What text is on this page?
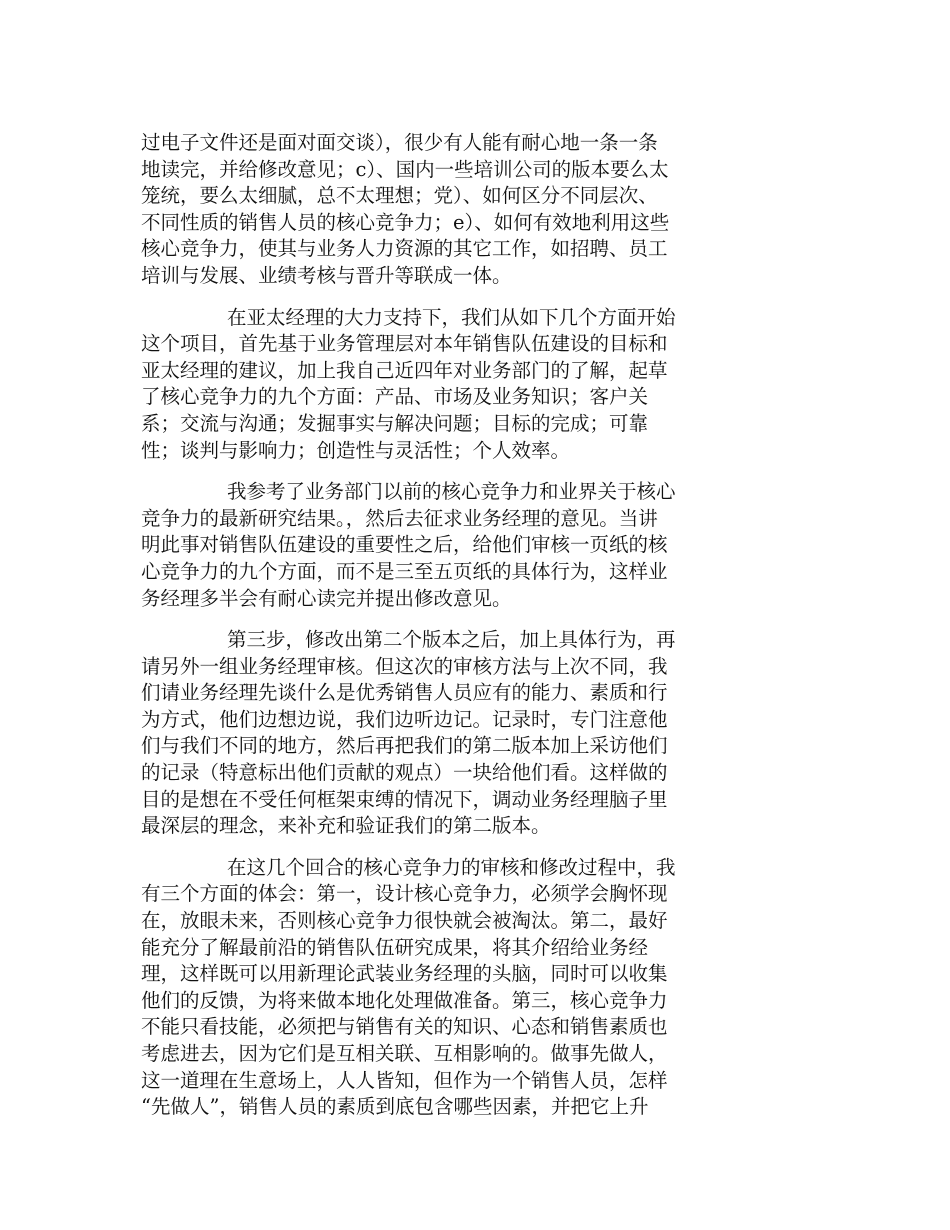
过电子文件还是面对面交谈），很少有人能有耐心地一条一条
地读完，并给修改意见；c）、国内一些培训公司的版本要么太
笼统，要么太细腻，总不太理想；党）、如何区分不同层次、
不同性质的销售人员的核心竞争力；e）、如何有效地利用这些
核心竞争力，使其与业务人力资源的其它工作，如招聘、员工
培训与发展、业绩考核与晋升等联成一体。

在亚太经理的大力支持下，我们从如下几个方面开始
这个项目，首先基于业务管理层对本年销售队伍建设的目标和
亚太经理的建议，加上我自己近四年对业务部门的了解，起草
了核心竞争力的九个方面：产品、市场及业务知识；客户关
系；交流与沟通；发掘事实与解决问题；目标的完成；可靠
性；谈判与影响力；创造性与灵活性；个人效率。

我参考了业务部门以前的核心竞争力和业界关于核心
竞争力的最新研究结果。，然后去征求业务经理的意见。当讲
明此事对销售队伍建设的重要性之后，给他们审核一页纸的核
心竞争力的九个方面，而不是三至五页纸的具体行为，这样业
务经理多半会有耐心读完并提出修改意见。

第三步，修改出第二个版本之后，加上具体行为，再
请另外一组业务经理审核。但这次的审核方法与上次不同，我
们请业务经理先谈什么是优秀销售人员应有的能力、素质和行
为方式，他们边想边说，我们边听边记。记录时，专门注意他
们与我们不同的地方，然后再把我们的第二版本加上采访他们
的记录（特意标出他们贡献的观点）一块给他们看。这样做的
目的是想在不受任何框架束缚的情况下，调动业务经理脑子里
最深层的理念，来补充和验证我们的第二版本。

在这几个回合的核心竞争力的审核和修改过程中，我
有三个方面的体会：第一，设计核心竞争力，必须学会胸怀现
在，放眼未来，否则核心竞争力很快就会被淘汰。第二，最好
能充分了解最前沿的销售队伍研究成果，将其介绍给业务经
理，这样既可以用新理论武装业务经理的头脑，同时可以收集
他们的反馈，为将来做本地化处理做准备。第三，核心竞争力
不能只看技能，必须把与销售有关的知识、心态和销售素质也
考虑进去，因为它们是互相关联、互相影响的。做事先做人，
这一道理在生意场上，人人皆知，但作为一个销售人员，怎样
“先做人”，销售人员的素质到底包含哪些因素，并把它上升
